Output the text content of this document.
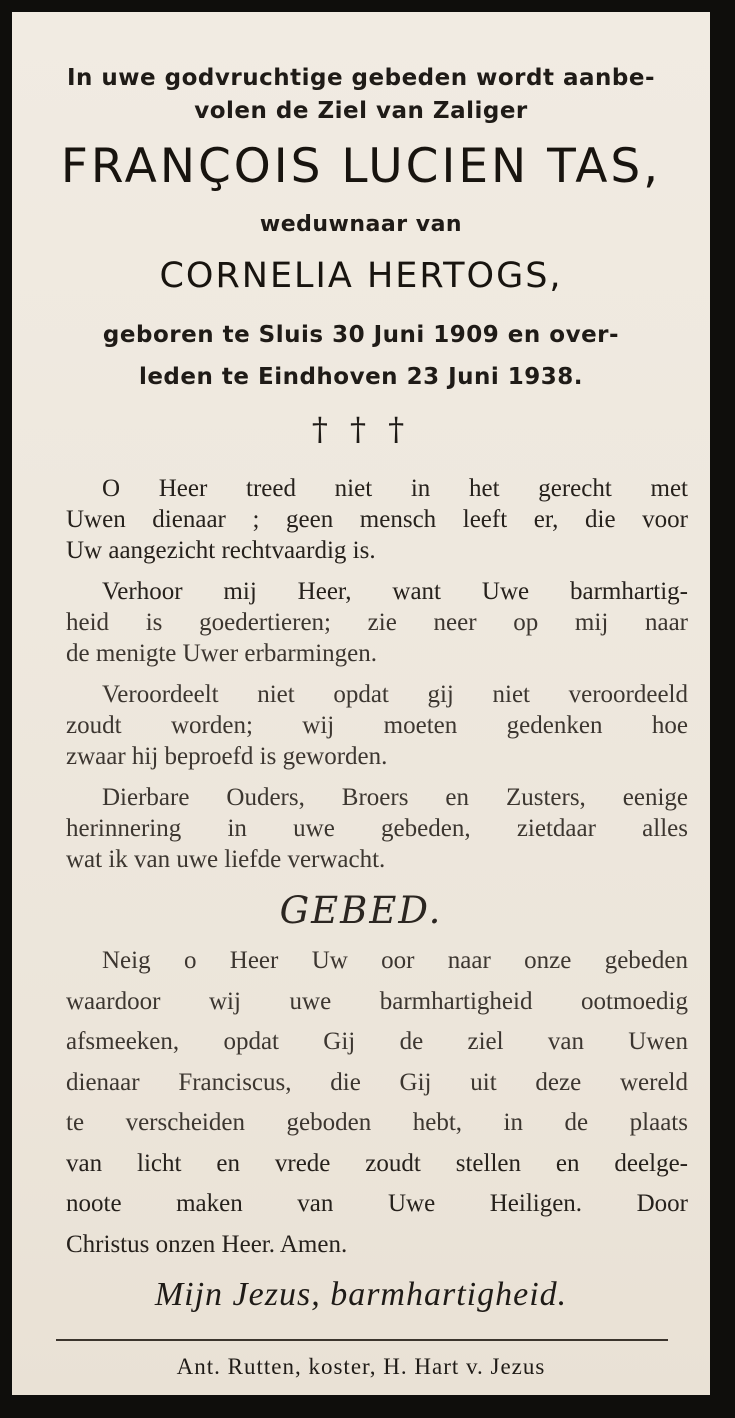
In uwe godvruchtige gebeden wordt aanbe-

volen de Ziel van Zaliger

FRANÇOIS LUCIEN TAS,

weduwnaar van

CORNELIA HERTOGS,

geboren te Sluis 30 Juni 1909 en over-

leden te Eindhoven 23 Juni 1938.

† † †

O Heer treed niet in het gerecht met

Uwen dienaar ; geen mensch leeft er, die voor

Uw aangezicht rechtvaardig is.

Verhoor mij Heer, want Uwe barmhartig-

heid is goedertieren; zie neer op mij naar

de menigte Uwer erbarmingen.

Veroordeelt niet opdat gij niet veroordeeld

zoudt worden; wij moeten gedenken hoe

zwaar hij beproefd is geworden.

Dierbare Ouders, Broers en Zusters, eenige

herinnering in uwe gebeden, zietdaar alles

wat ik van uwe liefde verwacht.

GEBED.

Neig o Heer Uw oor naar onze gebeden

waardoor wij uwe barmhartigheid ootmoedig

afsmeeken, opdat Gij de ziel van Uwen

dienaar Franciscus, die Gij uit deze wereld

te verscheiden geboden hebt, in de plaats

van licht en vrede zoudt stellen en deelge-

noote maken van Uwe Heiligen. Door

Christus onzen Heer. Amen.

Mijn Jezus, barmhartigheid.

Ant. Rutten, koster, H. Hart v. Jezus
